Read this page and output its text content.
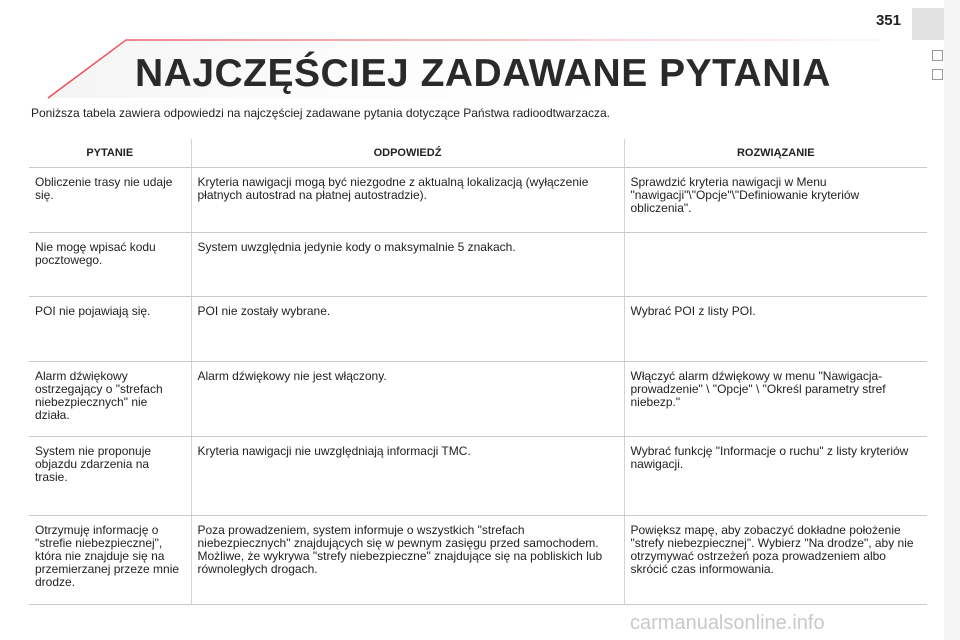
351
NAJCZĘŚCIEJ ZADAWANE PYTANIA

Poniższa tabela zawiera odpowiedzi na najczęściej zadawane pytania dotyczące Państwa radioodtwarzacza.

PYTANIE	ODPOWIEDŹ	ROZWIĄZANIE
Obliczenie trasy nie udaje się.	Kryteria nawigacji mogą być niezgodne z aktualną lokalizacją (wyłączenie płatnych autostrad na płatnej autostradzie).	Sprawdzić kryteria nawigacji w Menu "nawigacji"\"Opcje"\"Definiowanie kryteriów obliczenia".
Nie mogę wpisać kodu pocztowego.	System uwzględnia jedynie kody o maksymalnie 5 znakach.	
POI nie pojawiają się.	POI nie zostały wybrane.	Wybrać POI z listy POI.
Alarm dźwiękowy ostrzegający o "strefach niebezpiecznych" nie działa.	Alarm dźwiękowy nie jest włączony.	Włączyć alarm dźwiękowy w menu "Nawigacja-prowadzenie" \ "Opcje" \ "Określ parametry stref niebezp."
System nie proponuje objazdu zdarzenia na trasie.	Kryteria nawigacji nie uwzględniają informacji TMC.	Wybrać funkcję "Informacje o ruchu" z listy kryteriów nawigacji.
Otrzymuję informację o "strefie niebezpiecznej", która nie znajduje się na przemierzanej przeze mnie drodze.	Poza prowadzeniem, system informuje o wszystkich "strefach niebezpiecznych" znajdujących się w pewnym zasięgu przed samochodem. Możliwe, że wykrywa "strefy niebezpieczne" znajdujące się na pobliskich lub równoległych drogach.	Powiększ mapę, aby zobaczyć dokładne położenie "strefy niebezpiecznej". Wybierz "Na drodze", aby nie otrzymywać ostrzeżeń poza prowadzeniem albo skrócić czas informowania.
carmanualsonline.info
